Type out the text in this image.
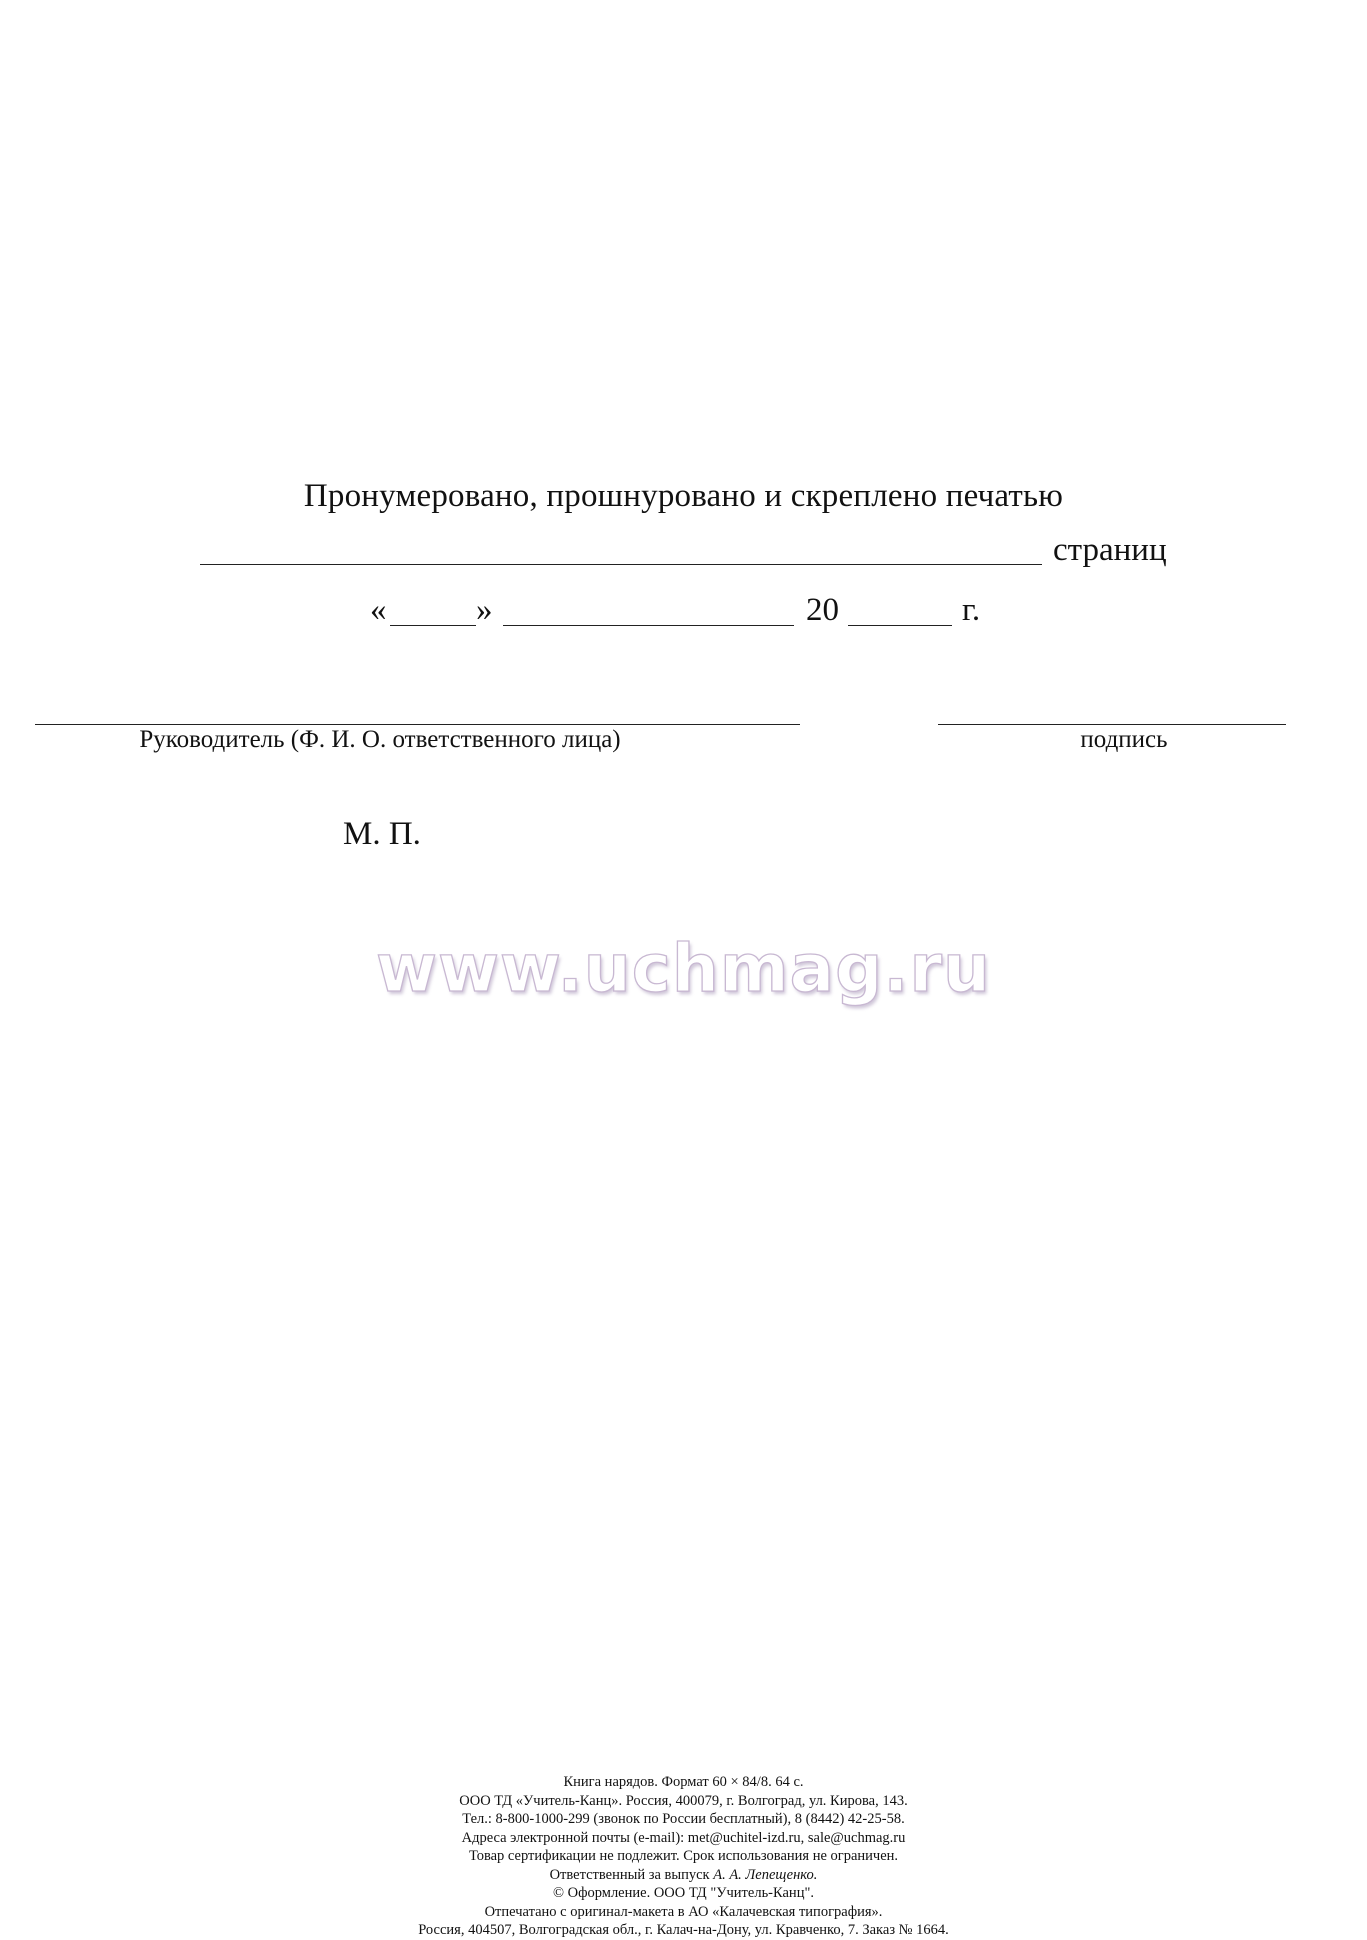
Пронумеровано, прошнуровано и скреплено печатью
страниц
«	»	20	г.
Руководитель (Ф. И. О. ответственного лица)	подпись
М. П.
www.uchmag.ru
Книга нарядов. Формат 60 × 84/8. 64 с.
ООО ТД «Учитель-Канц». Россия, 400079, г. Волгоград, ул. Кирова, 143.
Тел.: 8-800-1000-299 (звонок по России бесплатный), 8 (8442) 42-25-58.
Адреса электронной почты (e-mail): met@uchitel-izd.ru, sale@uchmag.ru
Товар сертификации не подлежит. Срок использования не ограничен.
Ответственный за выпуск А. А. Лепещенко.
© Оформление. ООО ТД "Учитель-Канц".
Отпечатано с оригинал-макета в АО «Калачевская типография».
Россия, 404507, Волгоградская обл., г. Калач-на-Дону, ул. Кравченко, 7. Заказ № 1664.
